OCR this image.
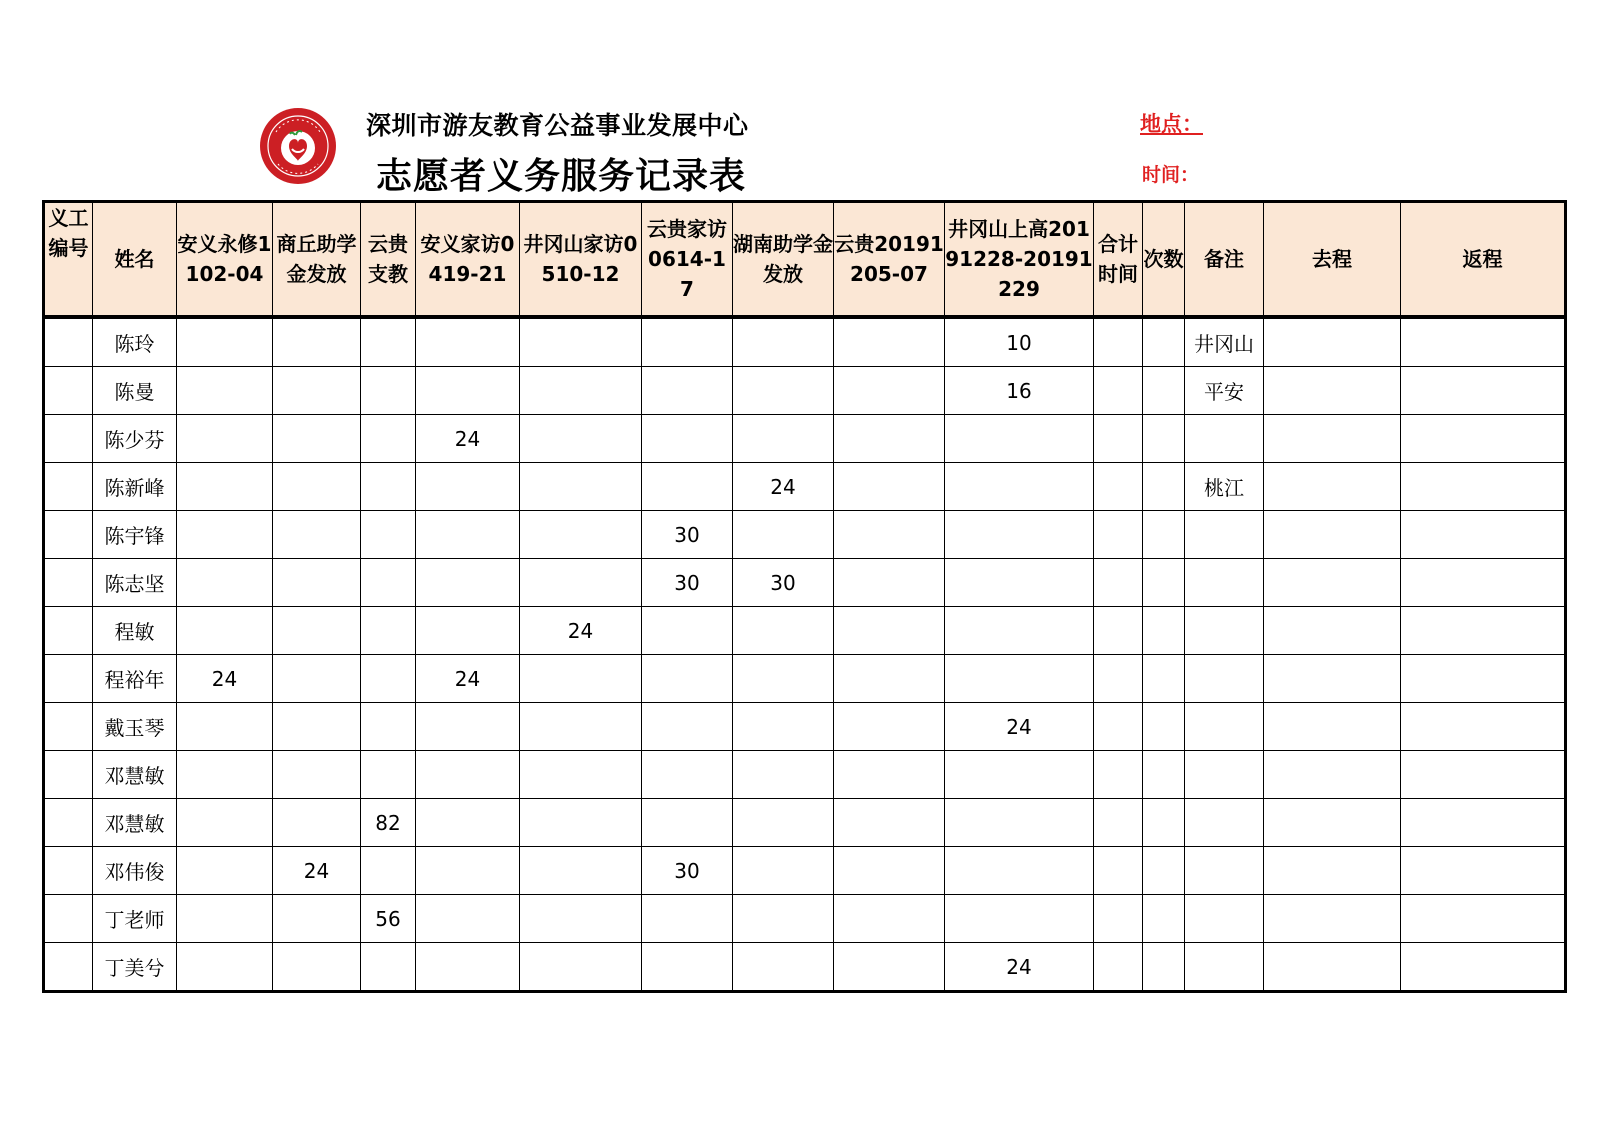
深圳市游友教育公益事业发展中心
志愿者义务服务记录表
地点：
时间：
义工编号	姓名	安义永修1102-04	商丘助学金发放	云贵支教	安义家访0419-21	井冈山家访0510-12	云贵家访0614-17	湖南助学金发放	云贵20191205-07	井冈山上高20191228-20191229	合计时间	次数	备注	去程	返程
	陈玲									10			井冈山		
	陈曼									16			平安		
	陈少芬				24										
	陈新峰							24					桃江		
	陈宇锋						30								
	陈志坚						30	30							
	程敏					24									
	程裕年	24			24										
	戴玉琴									24					
	邓慧敏														
	邓慧敏			82											
	邓伟俊		24				30								
	丁老师			56											
	丁美兮									24					
